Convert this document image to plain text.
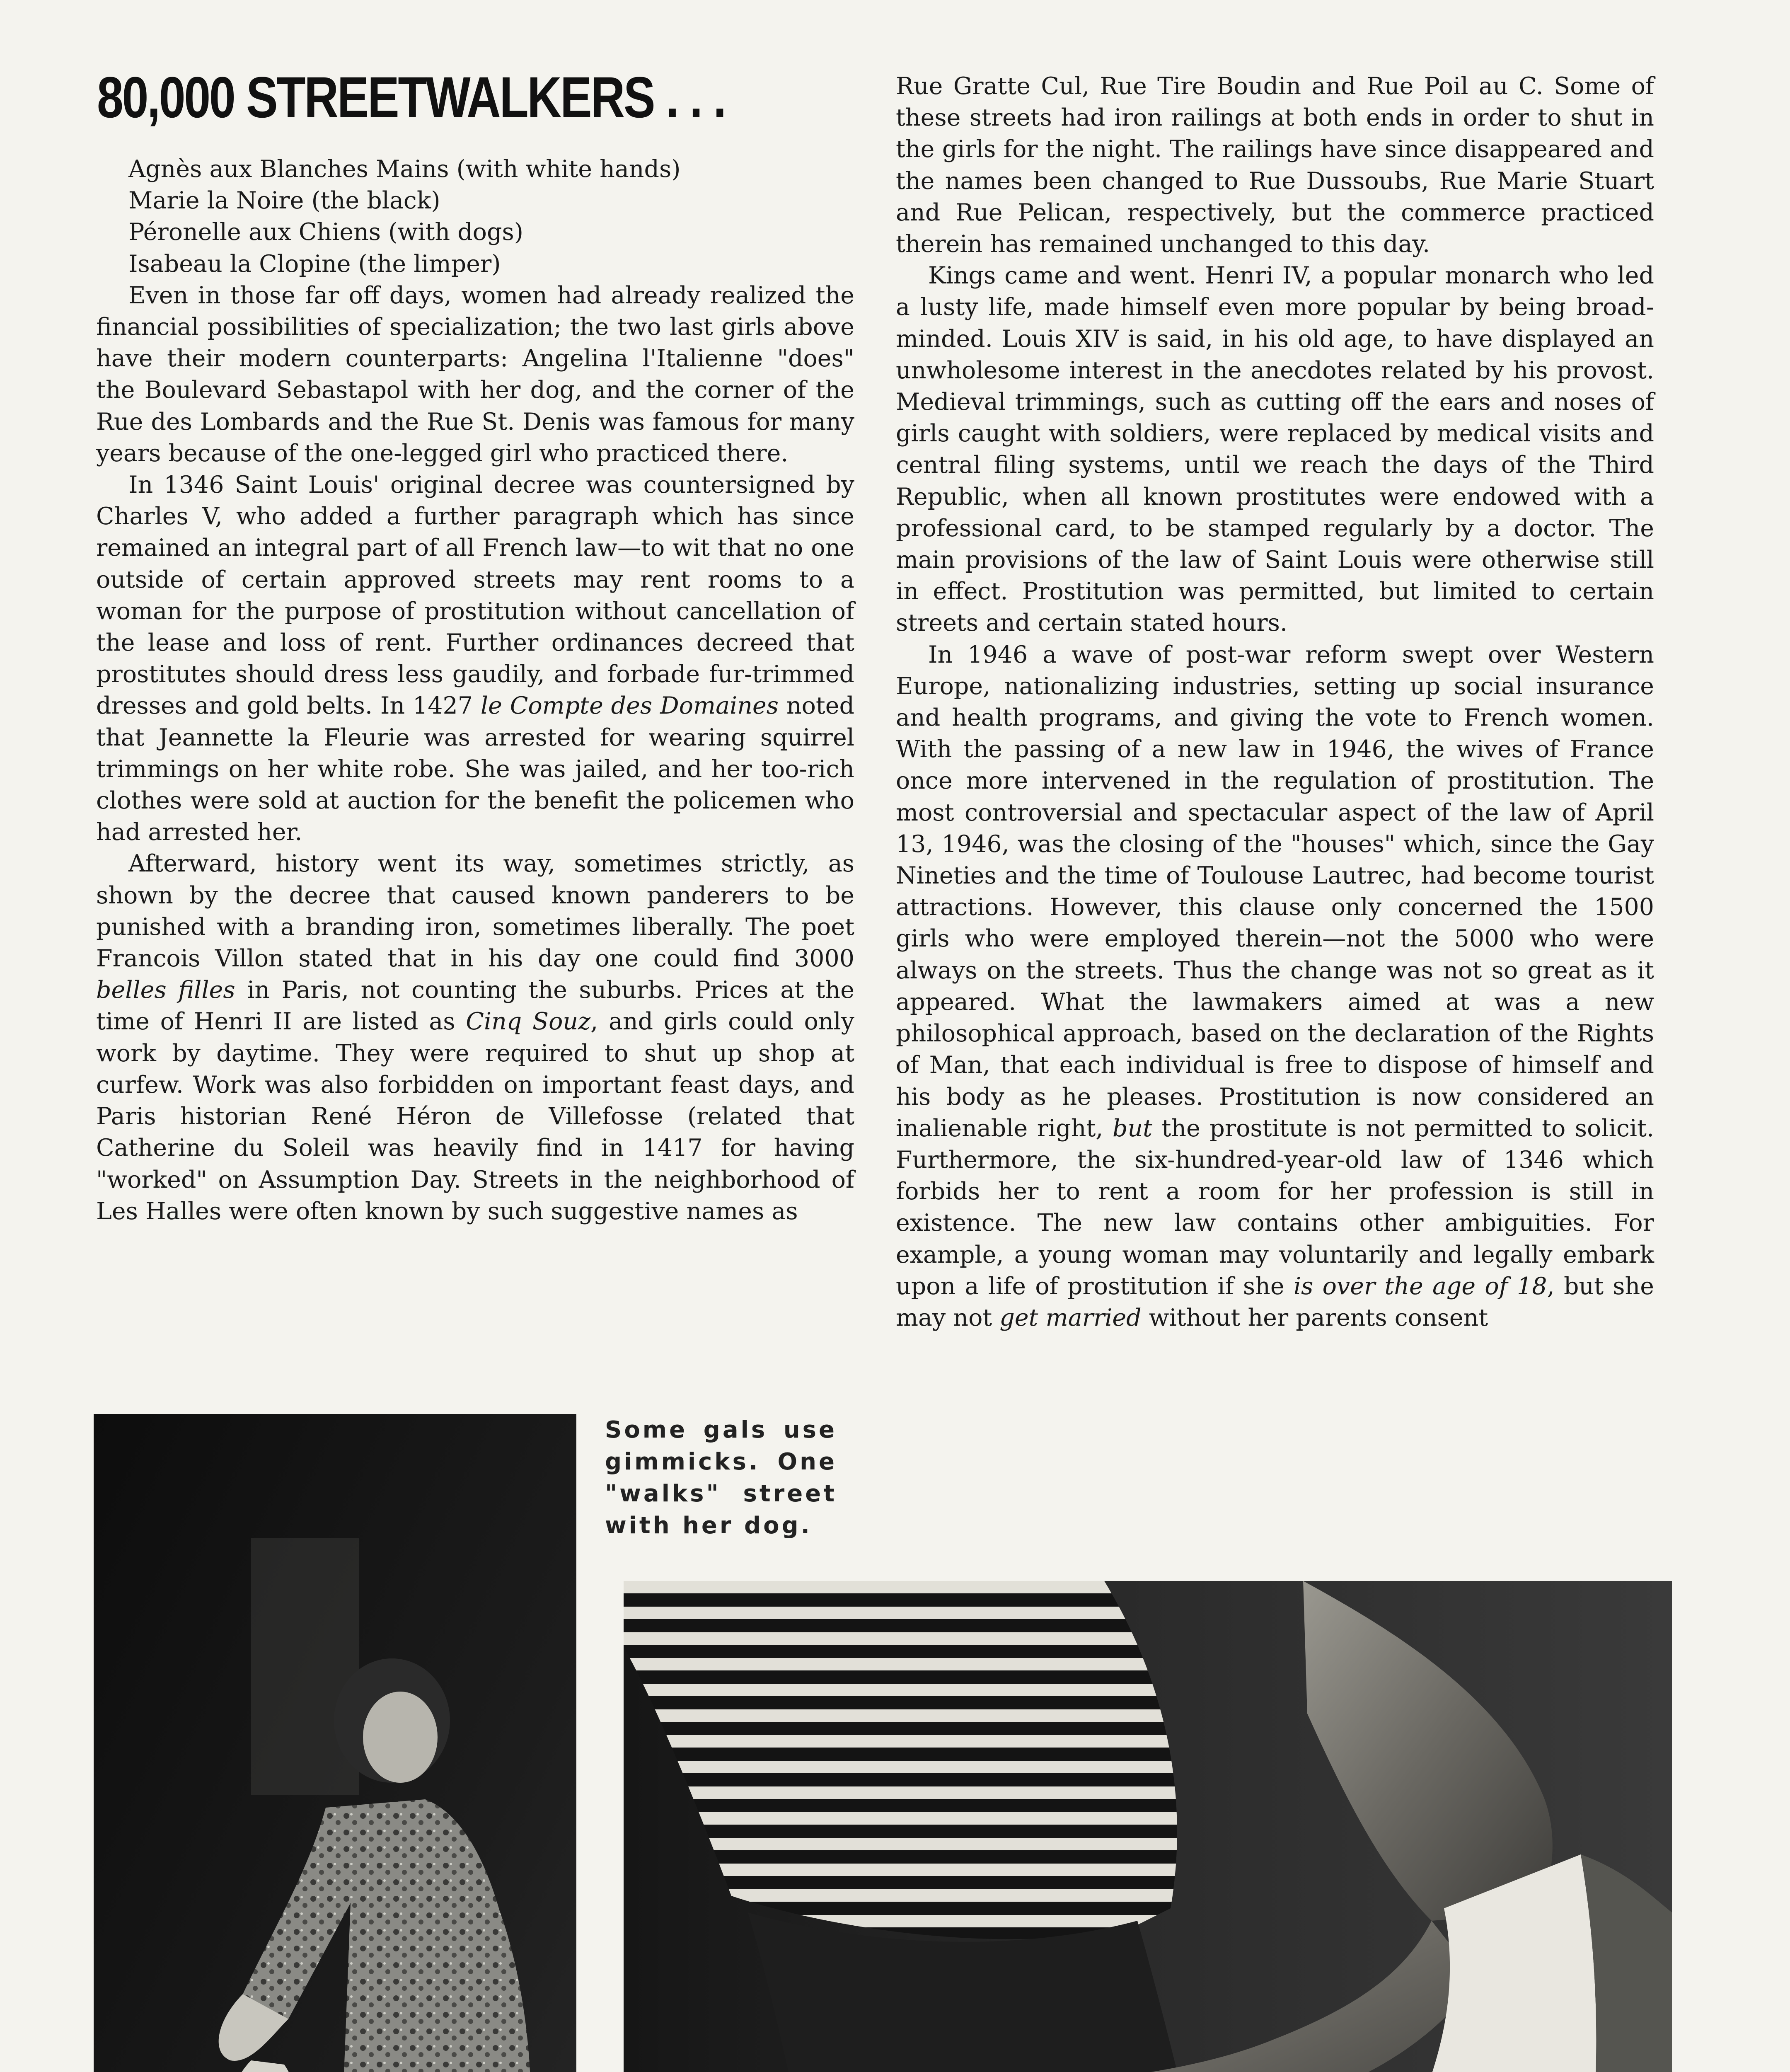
80,000 STREETWALKERS . . .
Agnès aux Blanches Mains (with white hands)
Marie la Noire (the black)
Péronelle aux Chiens (with dogs)
Isabeau la Clopine (the limper)

Even in those far off days, women had already realized the financial possibilities of specialization; the two last girls above have their modern counterparts: Angelina l'Italienne "does" the Boulevard Sebastapol with her dog, and the corner of the Rue des Lombards and the Rue St. Denis was famous for many years because of the one-legged girl who practiced there.

In 1346 Saint Louis' original decree was countersigned by Charles V, who added a further paragraph which has since remained an integral part of all French law—to wit that no one outside of certain approved streets may rent rooms to a woman for the purpose of prostitution without cancellation of the lease and loss of rent. Further ordinances decreed that prostitutes should dress less gaudily, and forbade fur-trimmed dresses and gold belts. In 1427 le Compte des Domaines noted that Jeannette la Fleurie was arrested for wearing squirrel trimmings on her white robe. She was jailed, and her too-rich clothes were sold at auction for the benefit the policemen who had arrested her.

Afterward, history went its way, sometimes strictly, as shown by the decree that caused known panderers to be punished with a branding iron, sometimes liberally. The poet Francois Villon stated that in his day one could find 3000 belles filles in Paris, not counting the suburbs. Prices at the time of Henri II are listed as Cinq Souz, and girls could only work by daytime. They were required to shut up shop at curfew. Work was also forbidden on important feast days, and Paris historian René Héron de Villefosse (related that Catherine du Soleil was heavily find in 1417 for having "worked" on Assumption Day. Streets in the neighborhood of Les Halles were often known by such suggestive names as

Rue Gratte Cul, Rue Tire Boudin and Rue Poil au C. Some of these streets had iron railings at both ends in order to shut in the girls for the night. The railings have since disappeared and the names been changed to Rue Dussoubs, Rue Marie Stuart and Rue Pelican, respectively, but the commerce practiced therein has remained unchanged to this day.

Kings came and went. Henri IV, a popular monarch who led a lusty life, made himself even more popular by being broad-minded. Louis XIV is said, in his old age, to have displayed an unwholesome interest in the anecdotes related by his provost. Medieval trimmings, such as cutting off the ears and noses of girls caught with soldiers, were replaced by medical visits and central filing systems, until we reach the days of the Third Republic, when all known prostitutes were endowed with a professional card, to be stamped regularly by a doctor. The main provisions of the law of Saint Louis were otherwise still in effect. Prostitution was permitted, but limited to certain streets and certain stated hours.

In 1946 a wave of post-war reform swept over Western Europe, nationalizing industries, setting up social insurance and health programs, and giving the vote to French women. With the passing of a new law in 1946, the wives of France once more intervened in the regulation of prostitution. The most controversial and spectacular aspect of the law of April 13, 1946, was the closing of the "houses" which, since the Gay Nineties and the time of Toulouse Lautrec, had become tourist attractions. However, this clause only concerned the 1500 girls who were employed therein—not the 5000 who were always on the streets. Thus the change was not so great as it appeared. What the lawmakers aimed at was a new philosophical approach, based on the declaration of the Rights of Man, that each individual is free to dispose of himself and his body as he pleases. Prostitution is now considered an inalienable right, but the prostitute is not permitted to solicit. Furthermore, the six-hundred-year-old law of 1346 which forbids her to rent a room for her profession is still in existence. The new law contains other ambiguities. For example, a young woman may voluntarily and legally embark upon a life of prostitution if she is over the age of 18, but she may not get married without her parents consent

Some gals use gimmicks. One "walks" street with her dog.
